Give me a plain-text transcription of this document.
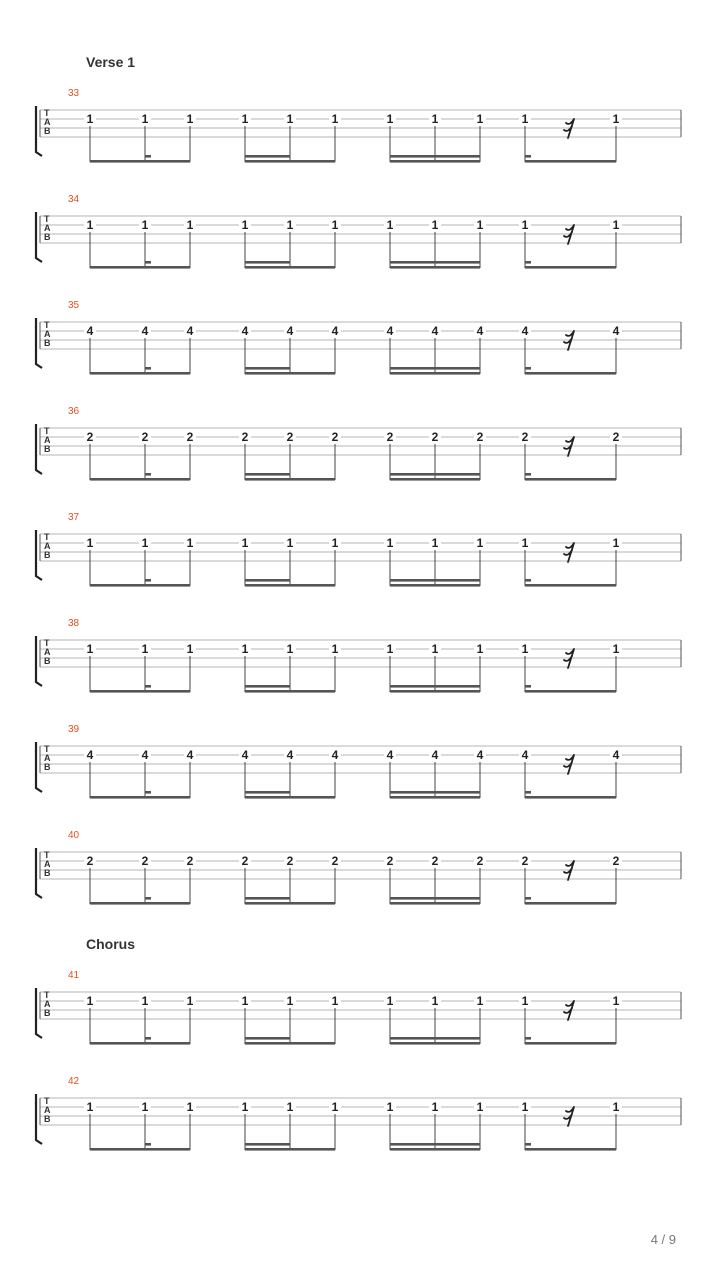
Verse 1
Chorus
33
T
A
B
1	1	1	1	1	1	1	1	1	1	1
34
T
A
B
1	1	1	1	1	1	1	1	1	1	1
35
T
A
B
4	4	4	4	4	4	4	4	4	4	4
36
T
A
B
2	2	2	2	2	2	2	2	2	2	2
37
T
A
B
1	1	1	1	1	1	1	1	1	1	1
38
T
A
B
1	1	1	1	1	1	1	1	1	1	1
39
T
A
B
4	4	4	4	4	4	4	4	4	4	4
40
T
A
B
2	2	2	2	2	2	2	2	2	2	2
41
T
A
B
1	1	1	1	1	1	1	1	1	1	1
42
T
A
B
1	1	1	1	1	1	1	1	1	1	1
4 / 9
